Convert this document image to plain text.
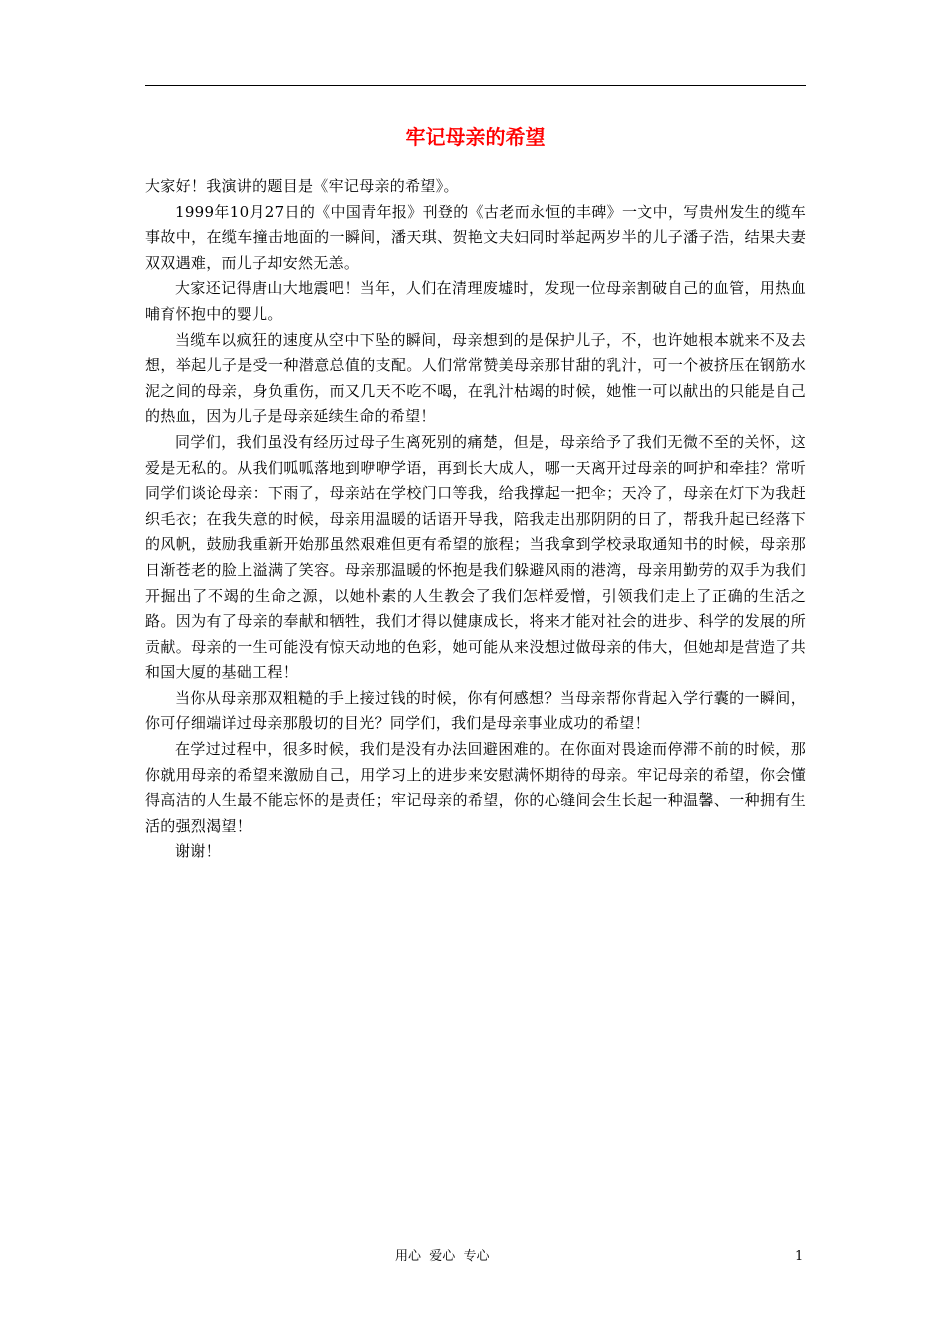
牢记母亲的希望

大家好！我演讲的题目是《牢记母亲的希望》。

1999年10月27日的《中国青年报》刊登的《古老而永恒的丰碑》一文中，写贵州发生的缆车事故中，在缆车撞击地面的一瞬间，潘天琪、贺艳文夫妇同时举起两岁半的儿子潘子浩，结果夫妻双双遇难，而儿子却安然无恙。

大家还记得唐山大地震吧！当年，人们在清理废墟时，发现一位母亲割破自己的血管，用热血哺育怀抱中的婴儿。

当缆车以疯狂的速度从空中下坠的瞬间，母亲想到的是保护儿子，不，也许她根本就来不及去想，举起儿子是受一种潜意总值的支配。人们常常赞美母亲那甘甜的乳汁，可一个被挤压在钢筋水泥之间的母亲，身负重伤，而又几天不吃不喝，在乳汁枯竭的时候，她惟一可以献出的只能是自己的热血，因为儿子是母亲延续生命的希望！

同学们，我们虽没有经历过母子生离死别的痛楚，但是，母亲给予了我们无微不至的关怀，这爱是无私的。从我们呱呱落地到咿咿学语，再到长大成人，哪一天离开过母亲的呵护和牵挂？常听同学们谈论母亲：下雨了，母亲站在学校门口等我，给我撑起一把伞；天冷了，母亲在灯下为我赶织毛衣；在我失意的时候，母亲用温暖的话语开导我，陪我走出那阴阴的日了，帮我升起已经落下的风帆，鼓励我重新开始那虽然艰难但更有希望的旅程；当我拿到学校录取通知书的时候，母亲那日渐苍老的脸上溢满了笑容。母亲那温暖的怀抱是我们躲避风雨的港湾，母亲用勤劳的双手为我们开掘出了不竭的生命之源，以她朴素的人生教会了我们怎样爱憎，引领我们走上了正确的生活之路。因为有了母亲的奉献和牺牲，我们才得以健康成长，将来才能对社会的进步、科学的发展的所贡献。母亲的一生可能没有惊天动地的色彩，她可能从来没想过做母亲的伟大，但她却是营造了共和国大厦的基础工程！

当你从母亲那双粗糙的手上接过钱的时候，你有何感想？当母亲帮你背起入学行囊的一瞬间，你可仔细端详过母亲那殷切的目光？同学们，我们是母亲事业成功的希望！

在学过过程中，很多时候，我们是没有办法回避困难的。在你面对畏途而停滞不前的时候，那你就用母亲的希望来激励自己，用学习上的进步来安慰满怀期待的母亲。牢记母亲的希望，你会懂得高洁的人生最不能忘怀的是责任；牢记母亲的希望，你的心缝间会生长起一种温馨、一种拥有生活的强烈渴望！

谢谢！

用心  爱心  专心	1
